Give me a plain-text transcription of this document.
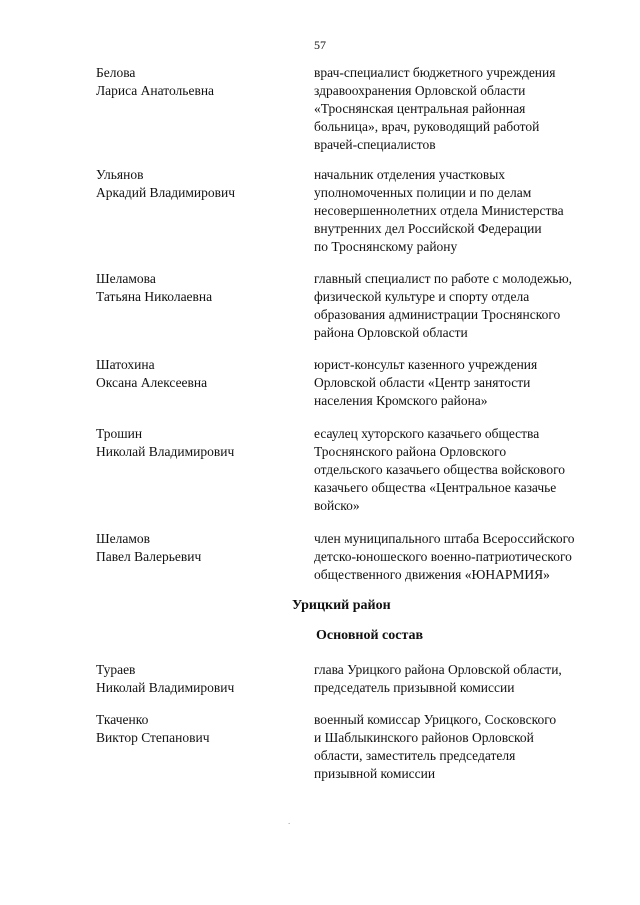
57
Белова
Лариса Анатольевна
врач-специалист бюджетного учреждения
здравоохранения Орловской области
«Троснянская центральная районная
больница», врач, руководящий работой
врачей-специалистов
Ульянов
Аркадий Владимирович
начальник отделения участковых
уполномоченных полиции и по делам
несовершеннолетних отдела Министерства
внутренних дел Российской Федерации
по Троснянскому району
Шеламова
Татьяна Николаевна
главный специалист по работе с молодежью,
физической культуре и спорту отдела
образования администрации Троснянского
района Орловской области
Шатохина
Оксана Алексеевна
юрист-консульт казенного учреждения
Орловской области «Центр занятости
населения Кромского района»
Трошин
Николай Владимирович
есаулец хуторского казачьего общества
Троснянского района Орловского
отдельского казачьего общества войскового
казачьего общества «Центральное казачье
войско»
Шеламов
Павел Валерьевич
член муниципального штаба Всероссийского
детско-юношеского военно-патриотического
общественного движения «ЮНАРМИЯ»
Урицкий район
Основной состав
Тураев
Николай Владимирович
глава Урицкого района Орловской области,
председатель призывной комиссии
Ткаченко
Виктор Степанович
военный комиссар Урицкого, Сосковского
и Шаблыкинского районов Орловской
области, заместитель председателя
призывной комиссии
.
